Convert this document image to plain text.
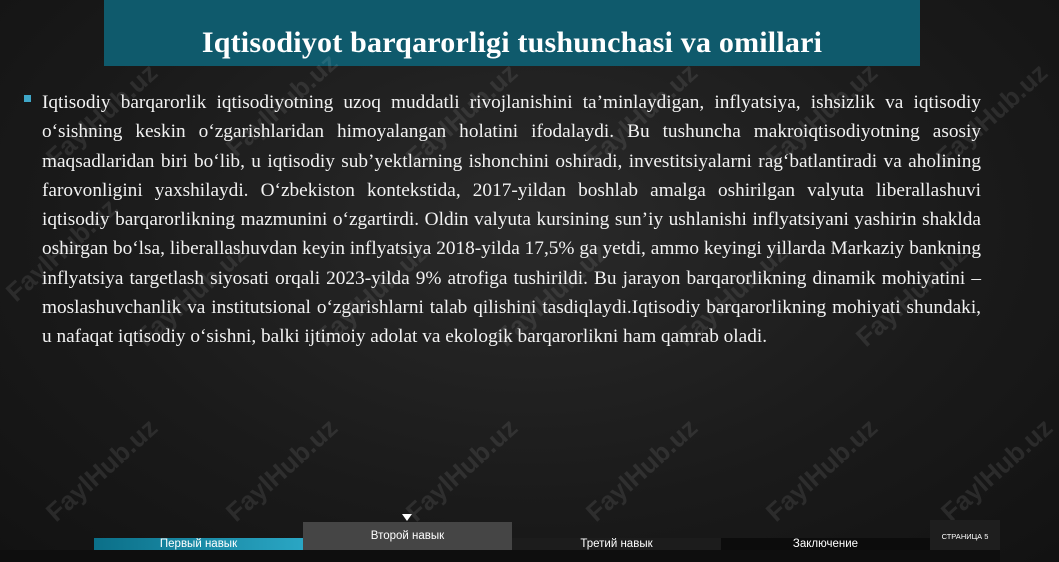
Iqtisodiyot barqarorligi tushunchasi va omillari
FaylHub.uz FaylHub.uz FaylHub.uz FaylHub.uz FaylHub.uz FaylHub.uz
FaylHub.uz FaylHub.uz FaylHub.uz FaylHub.uz FaylHub.uz FaylHub.uz
FaylHub.uz FaylHub.uz FaylHub.uz FaylHub.uz FaylHub.uz FaylHub.uz
Iqtisodiy barqarorlik iqtisodiyotning uzoq muddatli rivojlanishini ta’minlaydigan, inflyatsiya, ishsizlik va iqtisodiy o‘sishning keskin o‘zgarishlaridan himoyalangan holatini ifodalaydi. Bu tushuncha makroiqtisodiyotning asosiy maqsadlaridan biri bo‘lib, u iqtisodiy sub’yektlarning ishonchini oshiradi, investitsiyalarni rag‘batlantiradi va aholining farovonligini yaxshilaydi. O‘zbekiston kontekstida, 2017-yildan boshlab amalga oshirilgan valyuta liberallashuvi iqtisodiy barqarorlikning mazmunini o‘zgartirdi. Oldin valyuta kursining sun’iy ushlanishi inflyatsiyani yashirin shaklda oshirgan bo‘lsa, liberallashuvdan keyin inflyatsiya 2018-yilda 17,5% ga yetdi, ammo keyingi yillarda Markaziy bankning inflyatsiya targetlash siyosati orqali 2023-yilda 9% atrofiga tushirildi. Bu jarayon barqarorlikning dinamik mohiyatini – moslashuvchanlik va institutsional o‘zgarishlarni talab qilishini tasdiqlaydi.Iqtisodiy barqarorlikning mohiyati shundaki, u nafaqat iqtisodiy o‘sishni, balki ijtimoiy adolat va ekologik barqarorlikni ham qamrab oladi.
Первый навык
Второй навык
Третий навык	Заключение
СТРАНИЦА 5
